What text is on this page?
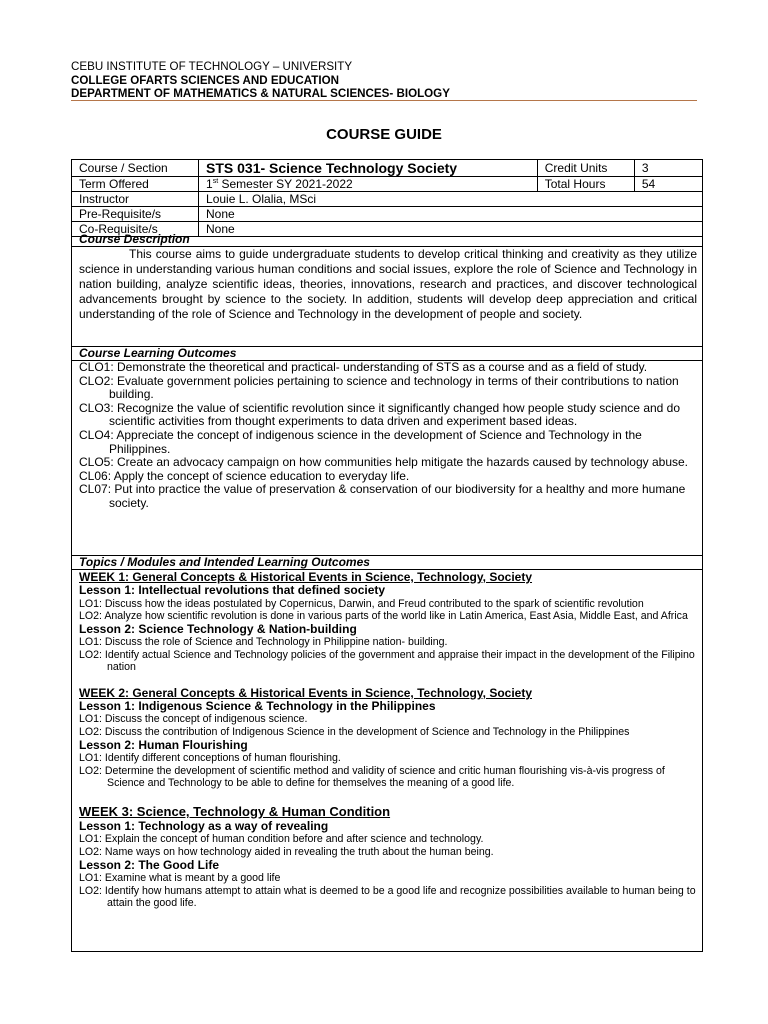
CEBU INSTITUTE OF TECHNOLOGY – UNIVERSITY
COLLEGE OFARTS SCIENCES AND EDUCATION
DEPARTMENT OF MATHEMATICS & NATURAL SCIENCES- BIOLOGY
COURSE GUIDE
Course / Section	STS 031- Science Technology Society	Credit Units	3
Term Offered	1st Semester SY 2021-2022	Total Hours	54
Instructor	Louie L. Olalia, MSci		
Pre-Requisite/s	None		
Co-Requisite/s	None		
Course Description
This course aims to guide undergraduate students to develop critical thinking and creativity as they utilize science in understanding various human conditions and social issues, explore the role of Science and Technology in nation building, analyze scientific ideas, theories, innovations, research and practices, and discover technological advancements brought by science to the society. In addition, students will develop deep appreciation and critical understanding of the role of Science and Technology in the development of people and society.
Course Learning Outcomes
CLO1: Demonstrate the theoretical and practical- understanding of STS as a course and as a field of study.
CLO2: Evaluate government policies pertaining to science and technology in terms of their contributions to nation building.
CLO3: Recognize the value of scientific revolution since it significantly changed how people study science and do scientific activities from thought experiments to data driven and experiment based ideas.
CLO4: Appreciate the concept of indigenous science in the development of Science and Technology in the Philippines.
CLO5: Create an advocacy campaign on how communities help mitigate the hazards caused by technology abuse.
CL06: Apply the concept of science education to everyday life.
CL07: Put into practice the value of preservation & conservation of our biodiversity for a healthy and more humane society.
Topics / Modules and Intended Learning Outcomes
WEEK 1: General Concepts & Historical Events in Science, Technology, Society
Lesson 1: Intellectual revolutions that defined society
LO1: Discuss how the ideas postulated by Copernicus, Darwin, and Freud contributed to the spark of scientific revolution
LO2: Analyze how scientific revolution is done in various parts of the world like in Latin America, East Asia, Middle East, and Africa
Lesson 2: Science Technology & Nation-building
LO1: Discuss the role of Science and Technology in Philippine nation- building.
LO2: Identify actual Science and Technology policies of the government and appraise their impact in the development of the Filipino nation
WEEK 2: General Concepts & Historical Events in Science, Technology, Society
Lesson 1: Indigenous Science & Technology in the Philippines
LO1: Discuss the concept of indigenous science.
LO2: Discuss the contribution of Indigenous Science in the development of Science and Technology in the Philippines
Lesson 2: Human Flourishing
LO1: Identify different conceptions of human flourishing.
LO2: Determine the development of scientific method and validity of science and critic human flourishing vis-à-vis progress of Science and Technology to be able to define for themselves the meaning of a good life.
WEEK 3: Science, Technology & Human Condition
Lesson 1: Technology as a way of revealing
LO1: Explain the concept of human condition before and after science and technology.
LO2: Name ways on how technology aided in revealing the truth about the human being.
Lesson 2: The Good Life
LO1: Examine what is meant by a good life
LO2: Identify how humans attempt to attain what is deemed to be a good life and recognize possibilities available to human being to attain the good life.
